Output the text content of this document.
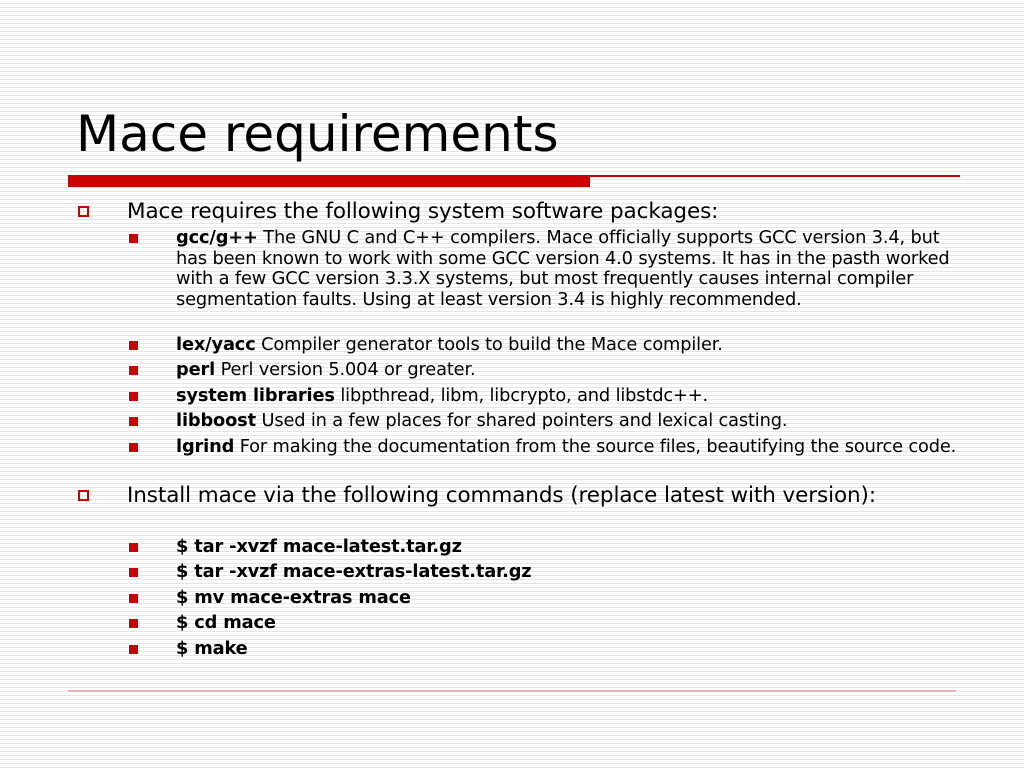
Mace requirements
Mace requires the following system software packages:
gcc/g++ The GNU C and C++ compilers. Mace officially supports GCC version 3.4, but has been known to work with some GCC version 4.0 systems. It has in the pasth worked with a few GCC version 3.3.X systems, but most frequently causes internal compiler segmentation faults. Using at least version 3.4 is highly recommended.
lex/yacc Compiler generator tools to build the Mace compiler.
perl Perl version 5.004 or greater.
system libraries libpthread, libm, libcrypto, and libstdc++.
libboost Used in a few places for shared pointers and lexical casting.
lgrind For making the documentation from the source files, beautifying the source code.
Install mace via the following commands (replace latest with version):
$ tar -xvzf mace-latest.tar.gz
$ tar -xvzf mace-extras-latest.tar.gz
$ mv mace-extras mace
$ cd mace
$ make
